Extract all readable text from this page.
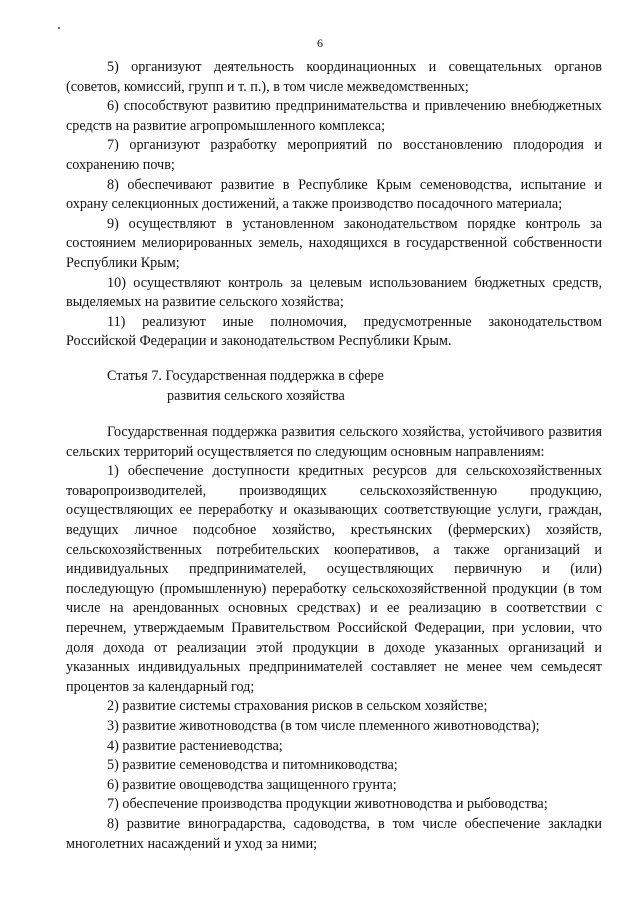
6

5) организуют деятельность координационных и совещательных органов (советов, комиссий, групп и т. п.), в том числе межведомственных;

6) способствуют развитию предпринимательства и привлечению внебюджетных средств на развитие агропромышленного комплекса;

7) организуют разработку мероприятий по восстановлению плодородия и сохранению почв;

8) обеспечивают развитие в Республике Крым семеноводства, испытание и охрану селекционных достижений, а также производство посадочного материала;

9) осуществляют в установленном законодательством порядке контроль за состоянием мелиорированных земель, находящихся в государственной собственности Республики Крым;

10) осуществляют контроль за целевым использованием бюджетных средств, выделяемых на развитие сельского хозяйства;

11) реализуют иные полномочия, предусмотренные законодательством Российской Федерации и законодательством Республики Крым.

Статья 7. Государственная поддержка в сфере
развития сельского хозяйства

Государственная поддержка развития сельского хозяйства, устойчивого развития сельских территорий осуществляется по следующим основным направлениям:

1) обеспечение доступности кредитных ресурсов для сельскохозяйственных товаропроизводителей, производящих сельскохозяйственную продукцию, осуществляющих ее переработку и оказывающих соответствующие услуги, граждан, ведущих личное подсобное хозяйство, крестьянских (фермерских) хозяйств, сельскохозяйственных потребительских кооперативов, а также организаций и индивидуальных предпринимателей, осуществляющих первичную и (или) последующую (промышленную) переработку сельскохозяйственной продукции (в том числе на арендованных основных средствах) и ее реализацию в соответствии с перечнем, утверждаемым Правительством Российской Федерации, при условии, что доля дохода от реализации этой продукции в доходе указанных организаций и указанных индивидуальных предпринимателей составляет не менее чем семьдесят процентов за календарный год;

2) развитие системы страхования рисков в сельском хозяйстве;

3) развитие животноводства (в том числе племенного животноводства);

4) развитие растениеводства;

5) развитие семеноводства и питомниководства;

6) развитие овощеводства защищенного грунта;

7) обеспечение производства продукции животноводства и рыбоводства;

8) развитие виноградарства, садоводства, в том числе обеспечение закладки многолетних насаждений и уход за ними;
